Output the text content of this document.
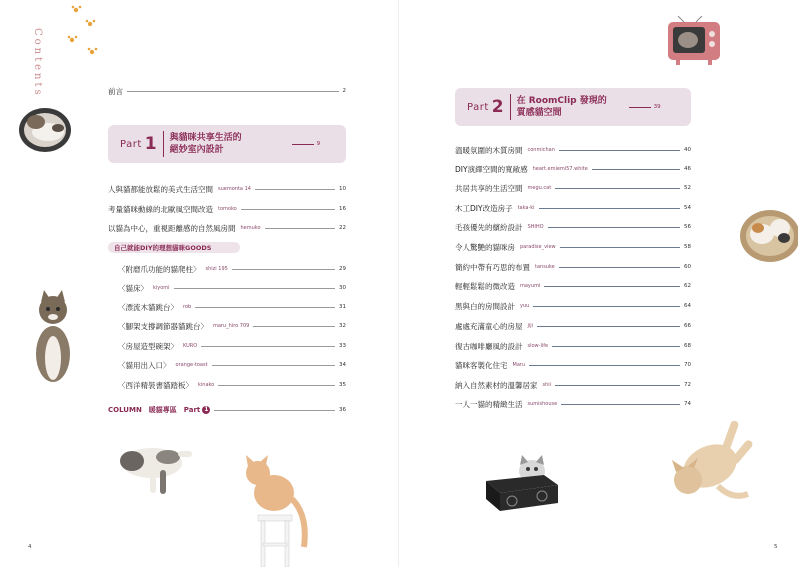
Contents	前言	2
Part 1 與貓咪共享生活的
絕妙室內設計
9
人與貓都能放鬆的美式生活空間 suemonta 14	10
考量貓咪動線的北歐風空間改造 tomoko	16
以貓為中心，重視距離感的自然風房間 hemuko	22
自己就能DIY的理想貓咪GOODS
〈附磨爪功能的貓爬柱〉 shizi 195	29
〈貓床〉 kiyomi	30
〈漂流木貓跳台〉 rob	31
〈腳架支撐調節器貓跳台〉 maru_hiro 709	32
〈房屋造型碗架〉 KURO	33
〈貓用出入口〉 orange-toast	34
〈西洋精裝書貓踏板〉 kinako	35
COLUMN　暖貓專區　Part 1	36
4
Part 2 在 RoomClip 發現的
質感貓空間
39
溫暖氛圍的木質房間 conmichan	40
DIY演繹空間的寬敞感 heart.emiemi57.white	46
共居共享的生活空間 megu.cat	52
木工DIY改造房子 taka-ki	54
毛孩優先的繽紛設計 SHIHO	56
令人驚艷的貓咪房 paradise_view	58
簡約中帶有巧思的布置 tansuke	60
輕輕鬆鬆的微改造 mayumi	62
黑與白的房間設計 yuu	64
處處充滿童心的房屋 jiji	66
復古咖啡廳風的設計 slow-life	68
貓咪客製化住宅 Maru	70
納入自然素材的溫馨居家 shii	72
一人一貓的精緻生活 sumishouse	74
5
